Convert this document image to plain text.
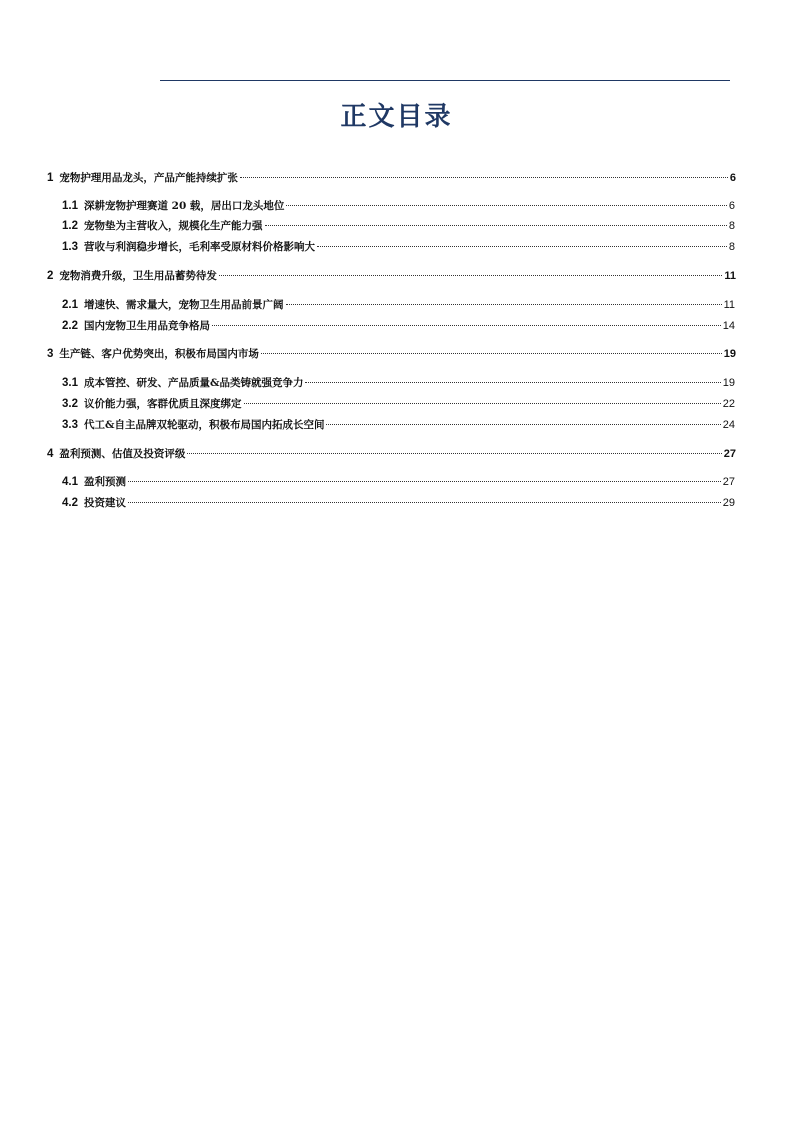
正文目录
1 宠物护理用品龙头，产品产能持续扩张	6
1.1 深耕宠物护理赛道 20 载，居出口龙头地位	6
1.2 宠物垫为主营收入，规模化生产能力强	8
1.3 营收与利润稳步增长，毛利率受原材料价格影响大	8
2 宠物消费升级，卫生用品蓄势待发	11
2.1 增速快、需求量大，宠物卫生用品前景广阔	11
2.2 国内宠物卫生用品竞争格局	14
3 生产链、客户优势突出，积极布局国内市场	19
3.1 成本管控、研发、产品质量&品类铸就强竞争力	19
3.2 议价能力强，客群优质且深度绑定	22
3.3 代工&自主品牌双轮驱动，积极布局国内拓成长空间	24
4 盈利预测、估值及投资评级	27
4.1 盈利预测	27
4.2 投资建议	29
